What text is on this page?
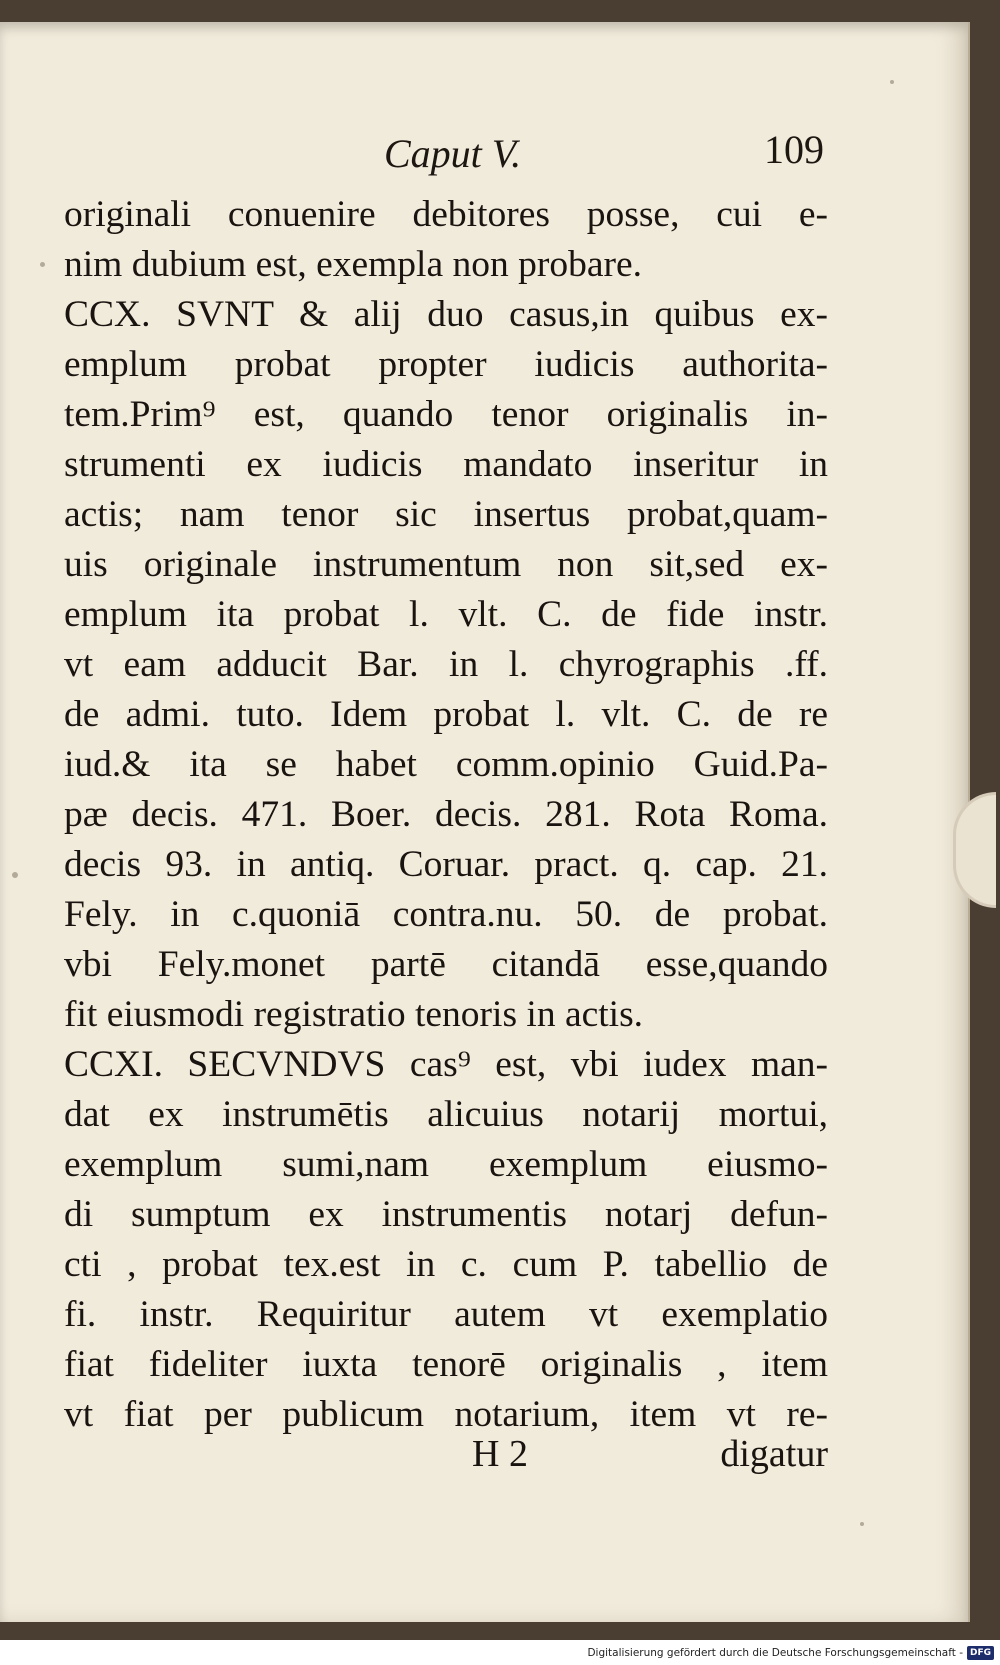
Caput V.	109
originali conuenire debitores posse, cui e-
nim dubium est, exempla non probare.
CCX. SVNT & alij duo casus,in quibus ex-
emplum probat propter iudicis authorita-
tem.Prim⁹ est, quando tenor originalis in-
strumenti ex iudicis mandato inseritur in
actis; nam tenor sic insertus probat,quam-
uis originale instrumentum non sit,sed ex-
emplum ita probat l. vlt. C. de fide instr.
vt eam adducit Bar. in l. chyrographis .ff.
de admi. tuto. Idem probat l. vlt. C. de re
iud.& ita se habet comm.opinio Guid.Pa-
pæ decis. 471. Boer. decis. 281. Rota Roma.
decis 93. in antiq. Coruar. pract. q. cap. 21.
Fely. in c.quoniā contra.nu. 50. de probat.
vbi Fely.monet partē citandā esse,quando
fit eiusmodi registratio tenoris in actis.
CCXI. SECVNDVS cas⁹ est, vbi iudex man-
dat ex instrumētis alicuius notarij mortui,
exemplum sumi,nam exemplum eiusmo-
di sumptum ex instrumentis notarj defun-
cti , probat tex.est in c. cum P. tabellio de
fi. instr. Requiritur autem vt exemplatio
fiat fideliter iuxta tenorē originalis , item
vt fiat per publicum notarium, item vt re-
H 2	digatur
Digitalisierung gefördert durch die Deutsche Forschungsgemeinschaft - DFG
